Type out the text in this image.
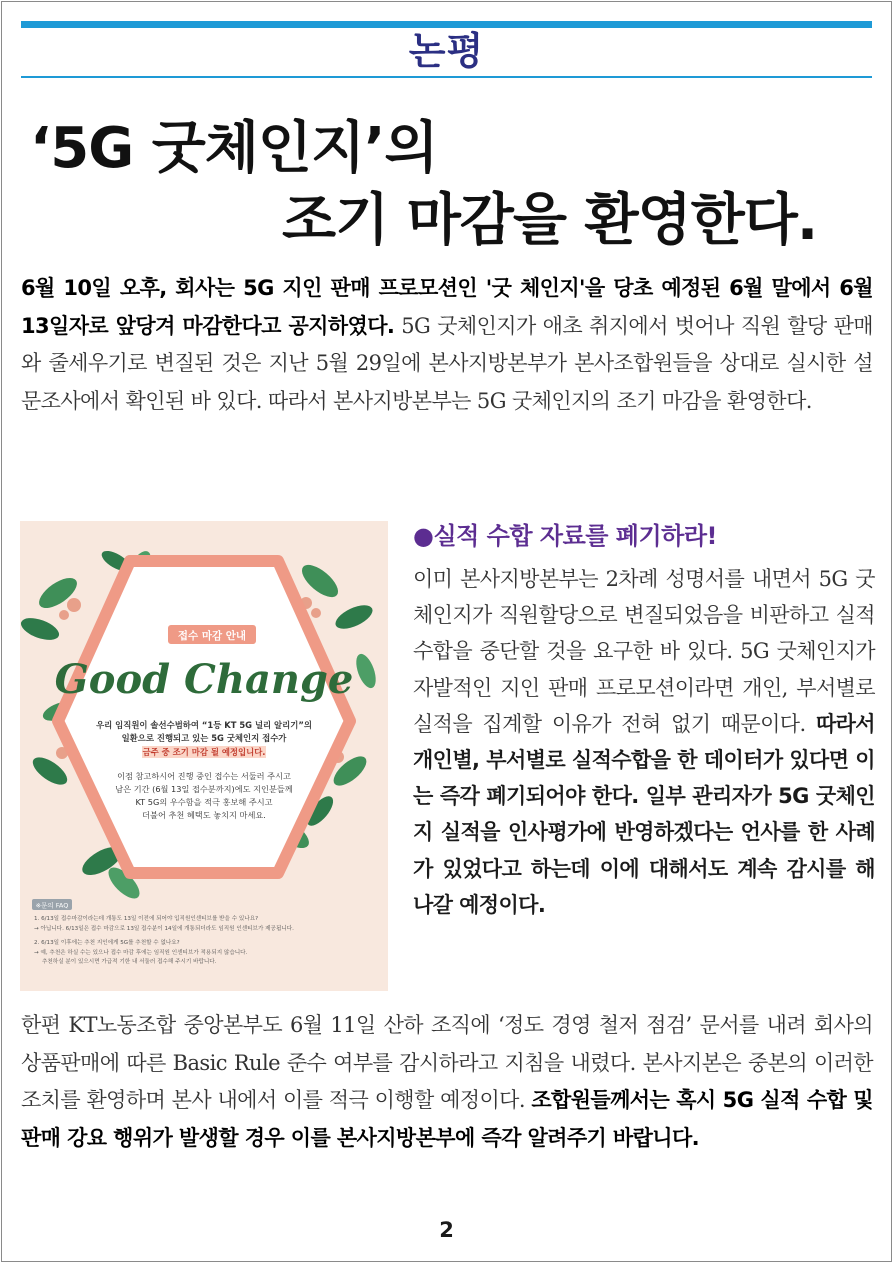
논평
‘5G 굿체인지’의
조기 마감을 환영한다.
6월 10일 오후, 회사는 5G 지인 판매 프로모션인 '굿 체인지'을 당초 예정된 6월 말에서 6월 13일자로 앞당겨 마감한다고 공지하였다. 5G 굿체인지가 애초 취지에서 벗어나 직원 할당 판매와 줄세우기로 변질된 것은 지난 5월 29일에 본사지방본부가 본사조합원들을 상대로 실시한 설문조사에서 확인된 바 있다. 따라서 본사지방본부는 5G 굿체인지의 조기 마감을 환영한다.
접수 마감 안내
Good Change
우리 임직원이 솔선수범하여 “1등 KT 5G 널리 알리기”의
일환으로 진행되고 있는 5G 굿체인지 접수가
금주 중 조기 마감 될 예정입니다.
이점 참고하시어 진행 중인 접수는 서둘러 주시고
남은 기간 (6월 13일 접수분까지)에도 지인분들께
KT 5G의 우수함을 적극 홍보해 주시고
더불어 추천 혜택도 놓치지 마세요.
※문의 FAQ
1. 6/13일 접수마감이라는데 개통도 13일 이전에 되어야 입직원인센티브를 받을 수 있나요?
→ 아닙니다. 6/13일은 접수 마감으로 13일 접수분이 14일에 개통되더라도 임직원 인센티브가 제공됩니다.
2. 6/13일 이후에는 추천 지인에게 5G를 추천할 수 없나요?
→ 예, 추천은 하실 수는 있으나 접수 마감 후에는 임직원 인센티브가 적용되지 않습니다.
추천하실 분이 있으시면 가급적 기한 내 서둘러 접수해 주시기 바랍니다.
●실적 수합 자료를 폐기하라!
이미 본사지방본부는 2차례 성명서를 내면서 5G 굿체인지가 직원할당으로 변질되었음을 비판하고 실적 수합을 중단할 것을 요구한 바 있다. 5G 굿체인지가 자발적인 지인 판매 프로모션이라면 개인, 부서별로 실적을 집계할 이유가 전혀 없기 때문이다. 따라서 개인별, 부서별로 실적수합을 한 데이터가 있다면 이는 즉각 폐기되어야 한다. 일부 관리자가 5G 굿체인지 실적을 인사평가에 반영하겠다는 언사를 한 사례가 있었다고 하는데 이에 대해서도 계속 감시를 해 나갈 예정이다.
한편 KT노동조합 중앙본부도 6월 11일 산하 조직에 ‘정도 경영 철저 점검’ 문서를 내려 회사의 상품판매에 따른 Basic Rule 준수 여부를 감시하라고 지침을 내렸다. 본사지본은 중본의 이러한 조치를 환영하며 본사 내에서 이를 적극 이행할 예정이다. 조합원들께서는 혹시 5G 실적 수합 및 판매 강요 행위가 발생할 경우 이를 본사지방본부에 즉각 알려주기 바랍니다.
2
